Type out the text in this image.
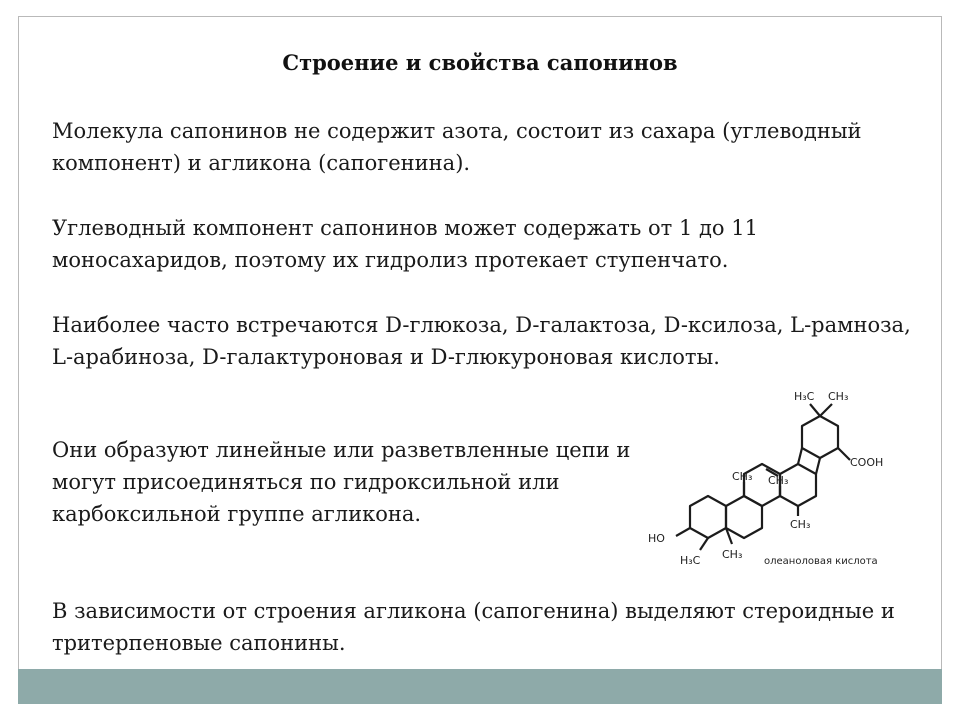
Строение и свойства сапонинов

Молекула сапонинов не содержит азота, состоит из сахара (углеводный компонент) и агликона (сапогенина).

Углеводный компонент сапонинов может содержать от 1 до 11 моносахаридов, поэтому их гидролиз протекает ступенчато.

Наиболее часто встречаются D-глюкоза, D-галактоза, D-ксилоза, L-рамноза, L-арабиноза, D-галактуроновая и D-глюкуроновая кислоты.

Они образуют линейные или разветвленные цепи и могут присоединяться по гидроксильной или карбоксильной группе агликона.

В зависимости от строения агликона (сапогенина) выделяют стероидные и тритерпеновые сапонины.

H₃C CH₃
COOH
CH₃ CH₃
CH₃
HO
H₃C CH₃
олеаноловая кислота
